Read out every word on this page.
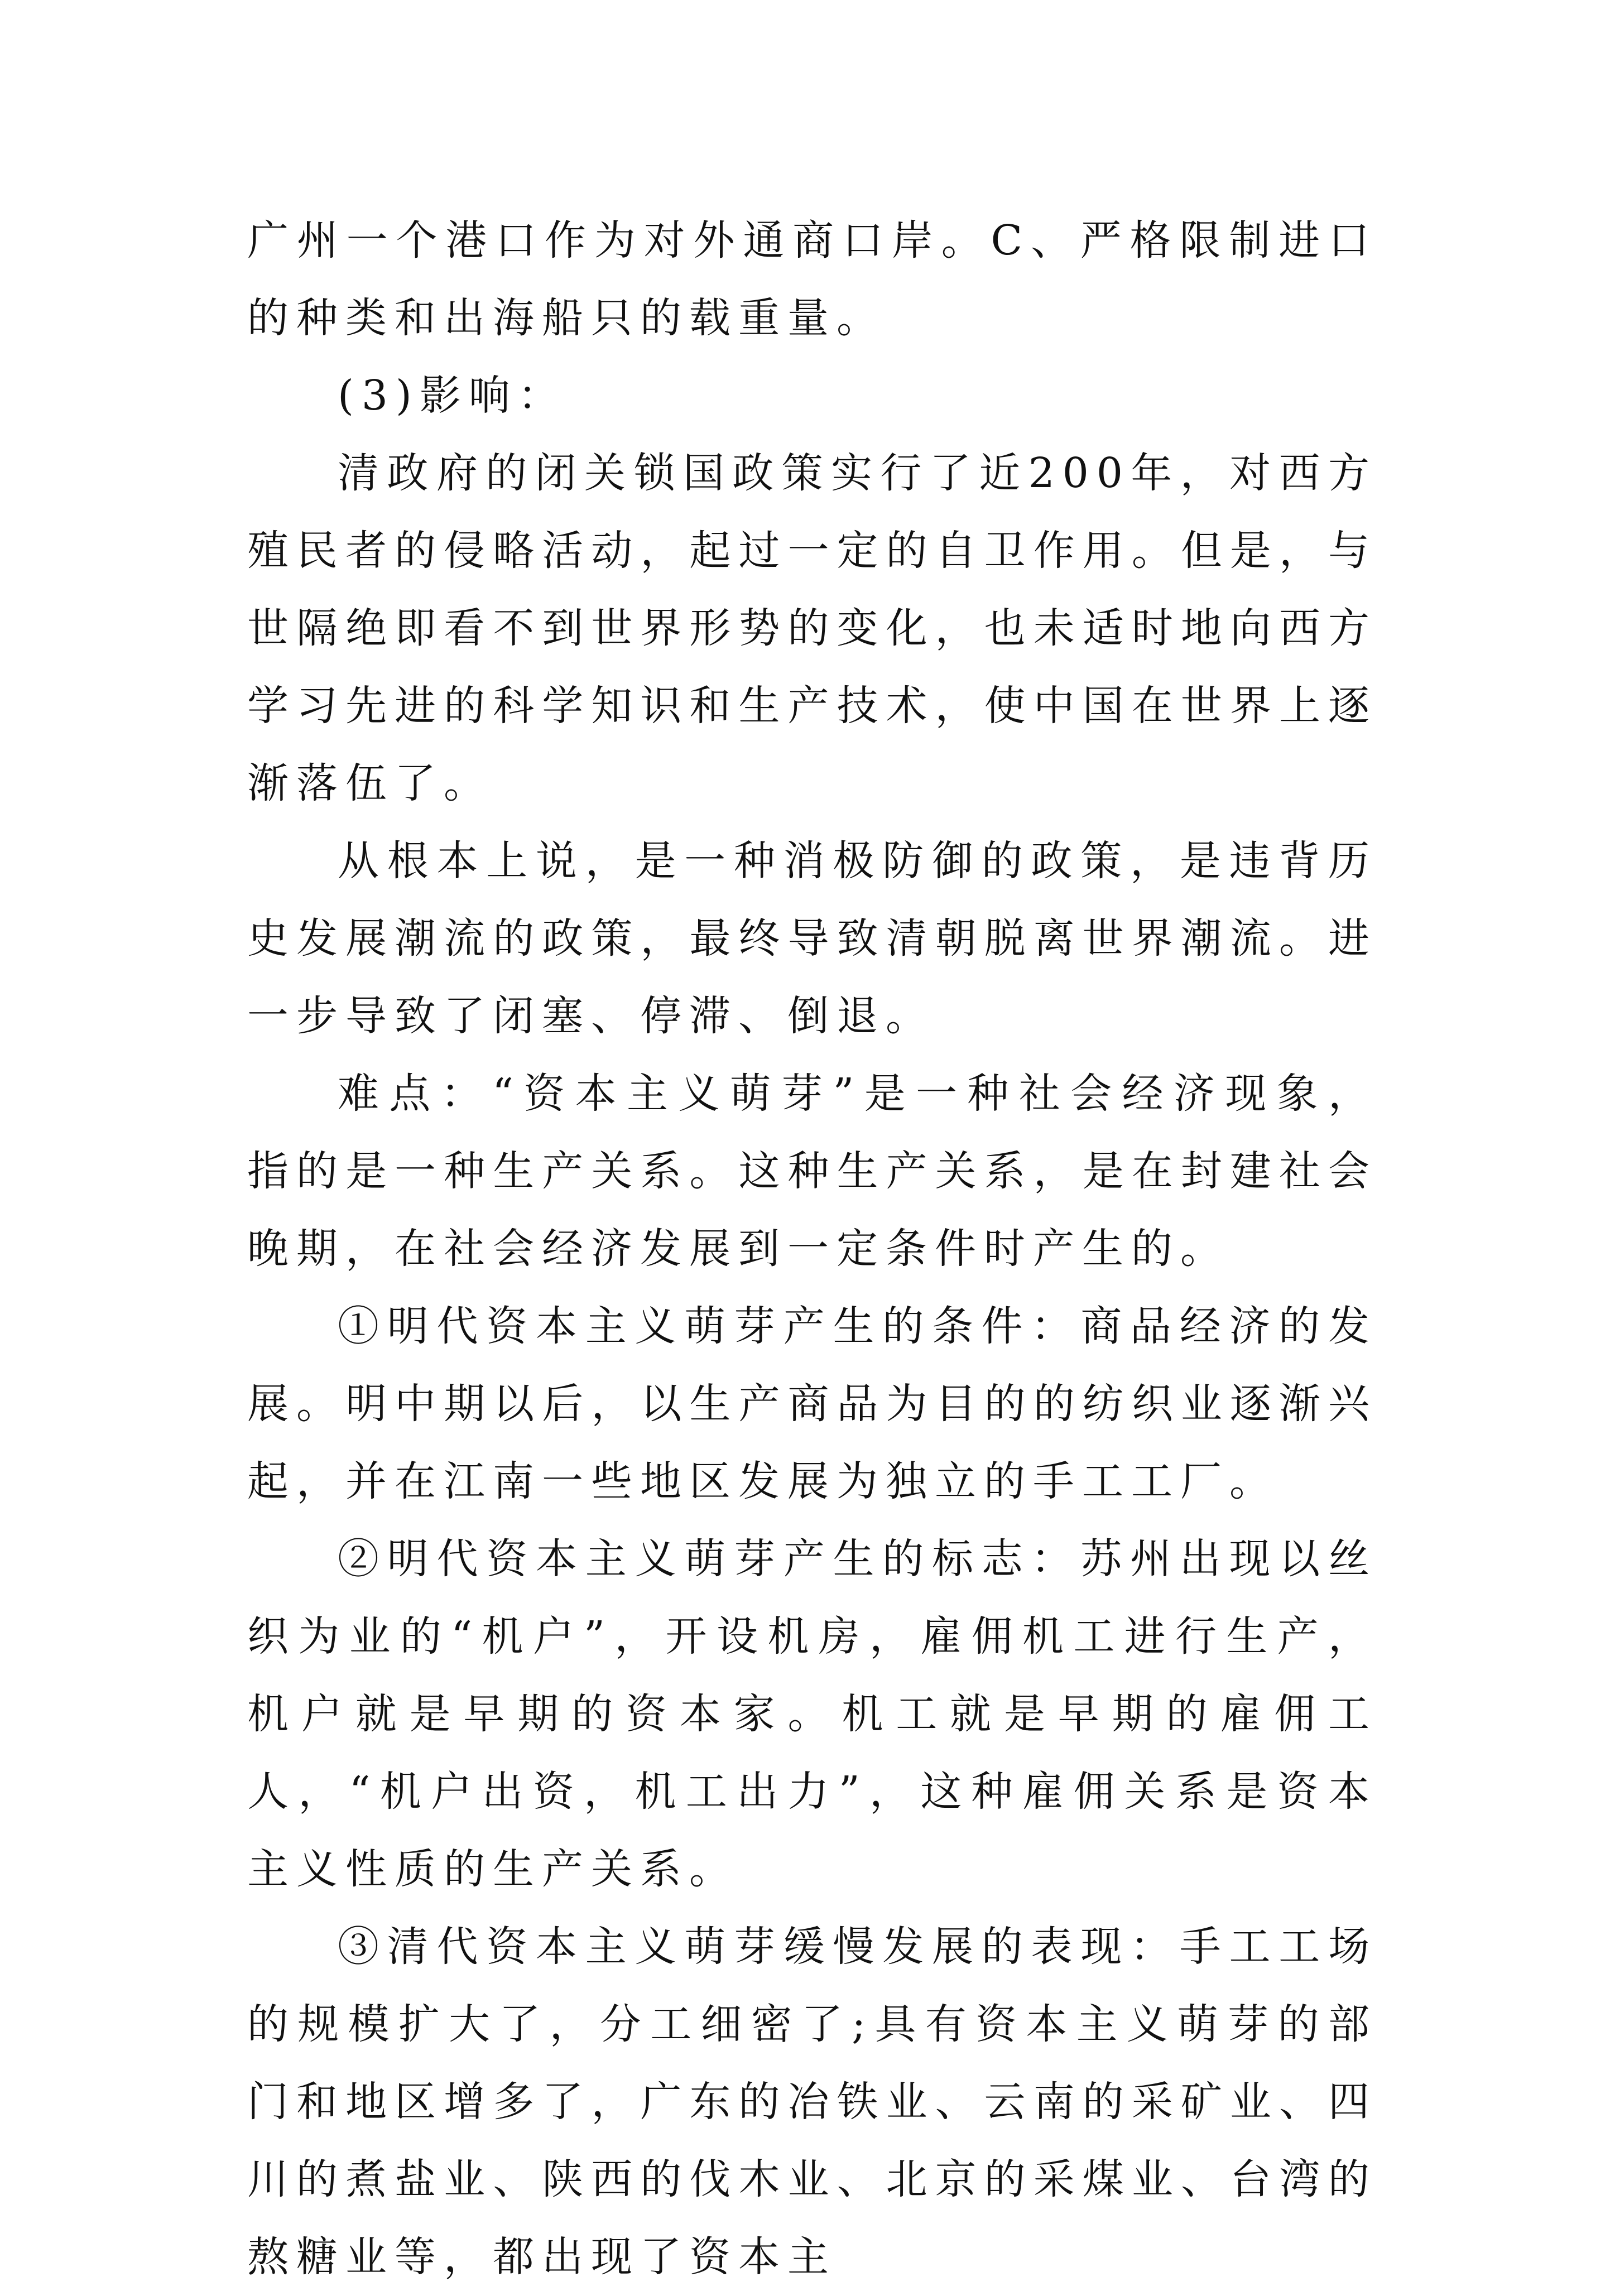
广州一个港口作为对外通商口岸。C、严格限制进口的种类和出海船只的载重量。

(3)影响：

清政府的闭关锁国政策实行了近200年，对西方殖民者的侵略活动，起过一定的自卫作用。但是，与世隔绝即看不到世界形势的变化，也未适时地向西方学习先进的科学知识和生产技术，使中国在世界上逐渐落伍了。

从根本上说，是一种消极防御的政策，是违背历史发展潮流的政策，最终导致清朝脱离世界潮流。进一步导致了闭塞、停滞、倒退。

难点：“资本主义萌芽”是一种社会经济现象，指的是一种生产关系。这种生产关系，是在封建社会晚期，在社会经济发展到一定条件时产生的。

①明代资本主义萌芽产生的条件：商品经济的发展。明中期以后，以生产商品为目的的纺织业逐渐兴起，并在江南一些地区发展为独立的手工工厂。

②明代资本主义萌芽产生的标志：苏州出现以丝织为业的“机户”，开设机房，雇佣机工进行生产，机户就是早期的资本家。机工就是早期的雇佣工人，“机户出资，机工出力”，这种雇佣关系是资本主义性质的生产关系。

③清代资本主义萌芽缓慢发展的表现：手工工场的规模扩大了，分工细密了;具有资本主义萌芽的部门和地区增多了，广东的冶铁业、云南的采矿业、四川的煮盐业、陕西的伐木业、北京的采煤业、台湾的熬糖业等，都出现了资本主
